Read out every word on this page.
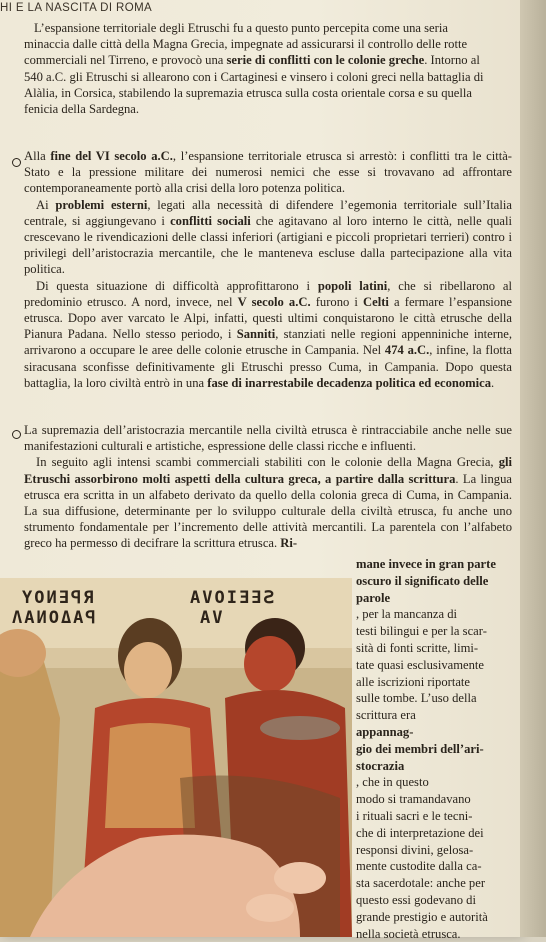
HI E LA NASCITA DI ROMA

L’espansione territoriale degli Etruschi fu a questo punto percepita come una seria

minaccia dalle città della Magna Grecia, impegnate ad assicurarsi il controllo delle rotte

commerciali nel Tirreno, e provocò una serie di conflitti con le colonie greche. Intorno al

540 a.C. gli Etruschi si allearono con i Cartaginesi e vinsero i coloni greci nella battaglia di

Alàlia, in Corsica, stabilendo la supremazia etrusca sulla costa orientale corsa e su quella

fenicia della Sardegna.

Alla fine del VI secolo a.C., l’espansione territoriale etrusca si arrestò: i conflitti tra le città-Stato e la pressione militare dei numerosi nemici che esse si trovavano ad affrontare contemporaneamente portò alla crisi della loro potenza politica.

Ai problemi esterni, legati alla necessità di difendere l’egemonia territoriale sull’Italia centrale, si aggiungevano i conflitti sociali che agitavano al loro interno le città, nelle quali crescevano le rivendicazioni delle classi inferiori (artigiani e piccoli proprietari terrieri) contro i privilegi dell’aristocrazia mercantile, che le manteneva escluse dalla partecipazione alla vita politica.

Di questa situazione di difficoltà approfittarono i popoli latini, che si ribellarono al predominio etrusco. A nord, invece, nel V secolo a.C. furono i Celti a fermare l’espansione etrusca. Dopo aver varcato le Alpi, infatti, questi ultimi conquistarono le città etrusche della Pianura Padana. Nello stesso periodo, i Sanniti, stanziati nelle regioni appenniniche interne, arrivarono a occupare le aree delle colonie etrusche in Campania. Nel 474 a.C., infine, la flotta siracusana sconfisse definitivamente gli Etruschi presso Cuma, in Campania. Dopo questa battaglia, la loro civiltà entrò in una fase di inarrestabile decadenza politica ed economica.

La supremazia dell’aristocrazia mercantile nella civiltà etrusca è rintracciabile anche nelle sue manifestazioni culturali e artistiche, espressione delle classi ricche e influenti.

In seguito agli intensi scambi commerciali stabiliti con le colonie della Magna Grecia, gli Etruschi assorbirono molti aspetti della cultura greca, a partire dalla scrittura. La lingua etrusca era scritta in un alfabeto derivato da quello della colonia greca di Cuma, in Campania. La sua diffusione, determinante per lo sviluppo culturale della civiltà etrusca, fu anche uno strumento fondamentale per l’incremento delle attività mercantili. La parentela con l’alfabeto greco ha permesso di decifrare la scrittura etrusca. Ri-

mane invece in gran parte
oscuro il significato delle
parole
, per la mancanza di
testi bilingui e per la scar-
sità di fonti scritte, limi-
tate quasi esclusivamente
alle iscrizioni riportate
sulle tombe. L’uso della
scrittura era
appannag-
gio dei membri dell’ari-
stocrazia
, che in questo
modo si tramandavano
i rituali sacri e le tecni-
che di interpretazione dei
responsi divini, gelosa-
mente custodite dalla ca-
sta sacerdotale: anche per
questo essi godevano di
grande prestigio e autorità
nella società etrusca.
YOИ∃ꟼЯ
ΛΑИΟΔΑꟼ
ΑVOIƎ∃Ꙅ
ΑV
